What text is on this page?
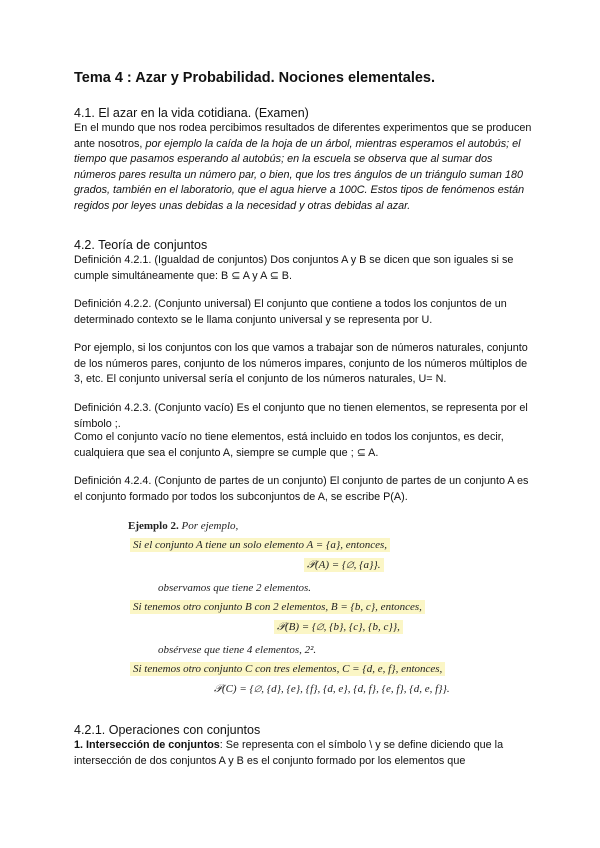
Tema 4 : Azar y Probabilidad. Nociones elementales.
4.1. El azar en la vida cotidiana. (Examen)

En el mundo que nos rodea percibimos resultados de diferentes experimentos que se producen ante nosotros, por ejemplo la caída de la hoja de un árbol, mientras esperamos el autobús; el tiempo que pasamos esperando al autobús; en la escuela se observa que al sumar dos números pares resulta un número par, o bien, que los tres ángulos de un triángulo suman 180 grados, también en el laboratorio, que el agua hierve a 100C. Estos tipos de fenómenos están regidos por leyes unas debidas a la necesidad y otras debidas al azar.

4.2. Teoría de conjuntos

Definición 4.2.1. (Igualdad de conjuntos) Dos conjuntos A y B se dicen que son iguales si se cumple simultáneamente que: B ⊆ A y A ⊆ B.

Definición 4.2.2. (Conjunto universal) El conjunto que contiene a todos los conjuntos de un determinado contexto se le llama conjunto universal y se representa por U.

Por ejemplo, si los conjuntos con los que vamos a trabajar son de números naturales, conjunto de los números pares, conjunto de los números impares, conjunto de los números múltiplos de 3, etc. El conjunto universal sería el conjunto de los números naturales, U= N.

Definición 4.2.3. (Conjunto vacío) Es el conjunto que no tienen elementos, se representa por el símbolo ;.

Como el conjunto vacío no tiene elementos, está incluido en todos los conjuntos, es decir, cualquiera que sea el conjunto A, siempre se cumple que ; ⊆ A.

Definición 4.2.4. (Conjunto de partes de un conjunto) El conjunto de partes de un conjunto A es el conjunto formado por todos los subconjuntos de A, se escribe P(A).

Ejemplo 2. Por ejemplo,
Si el conjunto A tiene un solo elemento A = {a}, entonces,
𝒫(A) = {∅, {a}}.
observamos que tiene 2 elementos.
Si tenemos otro conjunto B con 2 elementos, B = {b, c}, entonces,
𝒫(B) = {∅, {b}, {c}, {b, c}},
obsérvese que tiene 4 elementos, 2².
Si tenemos otro conjunto C con tres elementos, C = {d, e, f}, entonces,
𝒫(C) = {∅, {d}, {e}, {f}, {d, e}, {d, f}, {e, f}, {d, e, f}}.
4.2.1. Operaciones con conjuntos

1. Intersección de conjuntos: Se representa con el símbolo \ y se define diciendo que la intersección de dos conjuntos A y B es el conjunto formado por los elementos que
